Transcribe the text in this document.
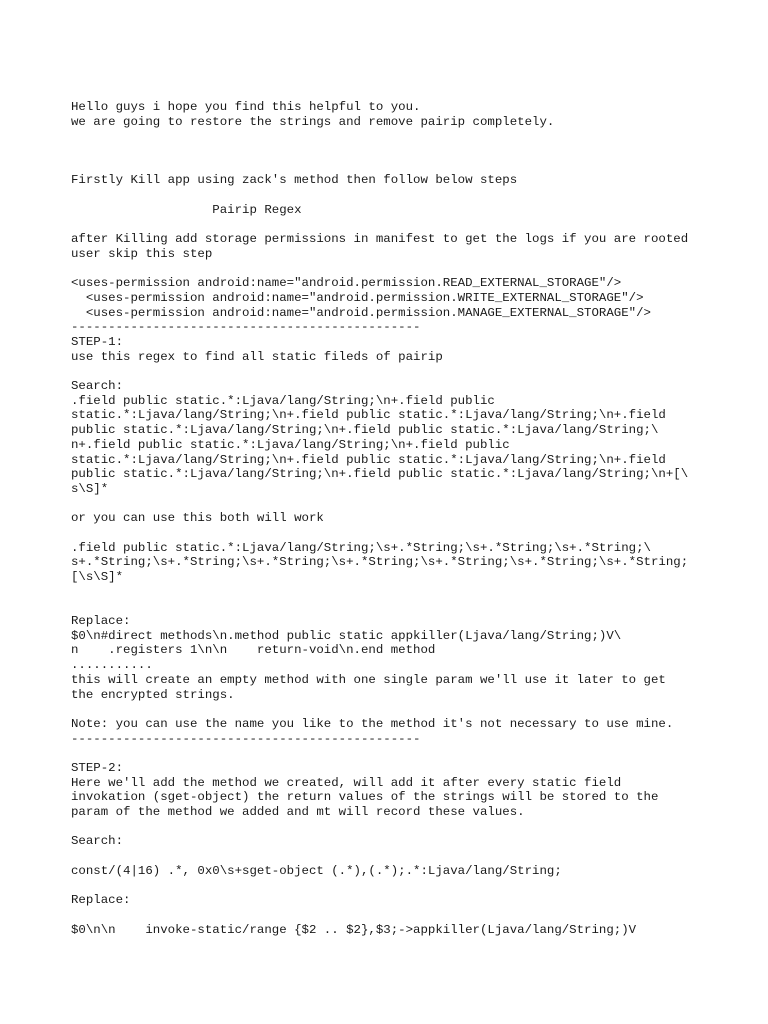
Hello guys i hope you find this helpful to you.
we are going to restore the strings and remove pairip completely.
Firstly Kill app using zack's method then follow below steps
Pairip Regex
after Killing add storage permissions in manifest to get the logs if you are rooted
user skip this step
<uses-permission android:name="android.permission.READ_EXTERNAL_STORAGE"/>
<uses-permission android:name="android.permission.WRITE_EXTERNAL_STORAGE"/>
<uses-permission android:name="android.permission.MANAGE_EXTERNAL_STORAGE"/>
-----------------------------------------------
STEP-1:
use this regex to find all static fileds of pairip
Search:
.field public static.*:Ljava/lang/String;\n+.field public
static.*:Ljava/lang/String;\n+.field public static.*:Ljava/lang/String;\n+.field
public static.*:Ljava/lang/String;\n+.field public static.*:Ljava/lang/String;\
n+.field public static.*:Ljava/lang/String;\n+.field public
static.*:Ljava/lang/String;\n+.field public static.*:Ljava/lang/String;\n+.field
public static.*:Ljava/lang/String;\n+.field public static.*:Ljava/lang/String;\n+[\
s\S]*
or you can use this both will work
.field public static.*:Ljava/lang/String;\s+.*String;\s+.*String;\s+.*String;\
s+.*String;\s+.*String;\s+.*String;\s+.*String;\s+.*String;\s+.*String;\s+.*String;
[\s\S]*
Replace:
$0\n#direct methods\n.method public static appkiller(Ljava/lang/String;)V\
n    .registers 1\n\n    return-void\n.end method
...........
this will create an empty method with one single param we'll use it later to get
the encrypted strings.
Note: you can use the name you like to the method it's not necessary to use mine.
-----------------------------------------------
STEP-2:
Here we'll add the method we created, will add it after every static field
invokation (sget-object) the return values of the strings will be stored to the
param of the method we added and mt will record these values.
Search:
const/(4|16) .*, 0x0\s+sget-object (.*),(.*);.*:Ljava/lang/String;
Replace:
$0\n\n    invoke-static/range {$2 .. $2},$3;->appkiller(Ljava/lang/String;)V
